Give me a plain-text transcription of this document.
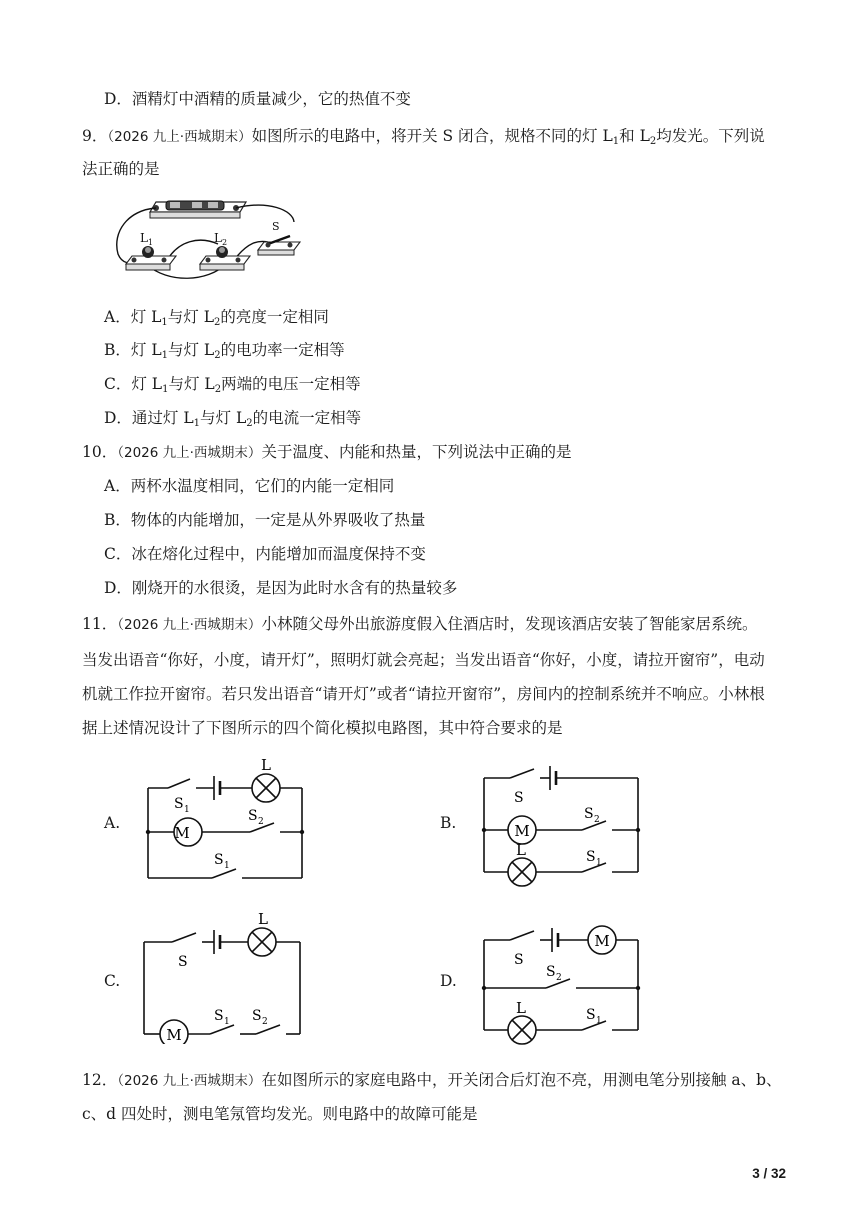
D．酒精灯中酒精的质量减少，它的热值不变
9．（2026 九上·西城期末）如图所示的电路中，将开关 S 闭合，规格不同的灯 $L_1$和 $L_2$均发光。下列说
法正确的是
L 1	L 2
S
A．灯 $L_1$与灯 $L_2$的亮度一定相同
B．灯 $L_1$与灯 $L_2$的电功率一定相等
C．灯 $L_1$与灯 $L_2$两端的电压一定相等
D．通过灯 $L_1$与灯 $L_2$的电流一定相等
10．（2026 九上·西城期末）关于温度、内能和热量，下列说法中正确的是
A．两杯水温度相同，它们的内能一定相同
B．物体的内能增加，一定是从外界吸收了热量
C．冰在熔化过程中，内能增加而温度保持不变
D．刚烧开的水很烫，是因为此时水含有的热量较多
11．（2026 九上·西城期末）小林随父母外出旅游度假入住酒店时，发现该酒店安装了智能家居系统。
当发出语音“你好，小度，请开灯”，照明灯就会亮起；当发出语音“你好，小度，请拉开窗帘”，电动
机就工作拉开窗帘。若只发出语音“请开灯”或者“请拉开窗帘”，房间内的控制系统并不响应。小林根
据上述情况设计了下图所示的四个简化模拟电路图，其中符合要求的是
A.	B.
C.	D.
M
L
S 1	S 2
S 1
M
L
S
S 2
S 1
M
L
S
S 1 S 2
M
L
S
S 2
S 1
12．（2026 九上·西城期末）在如图所示的家庭电路中，开关闭合后灯泡不亮，用测电笔分别接触 a、b、
c、d 四处时，测电笔氖管均发光。则电路中的故障可能是
3 / 32
